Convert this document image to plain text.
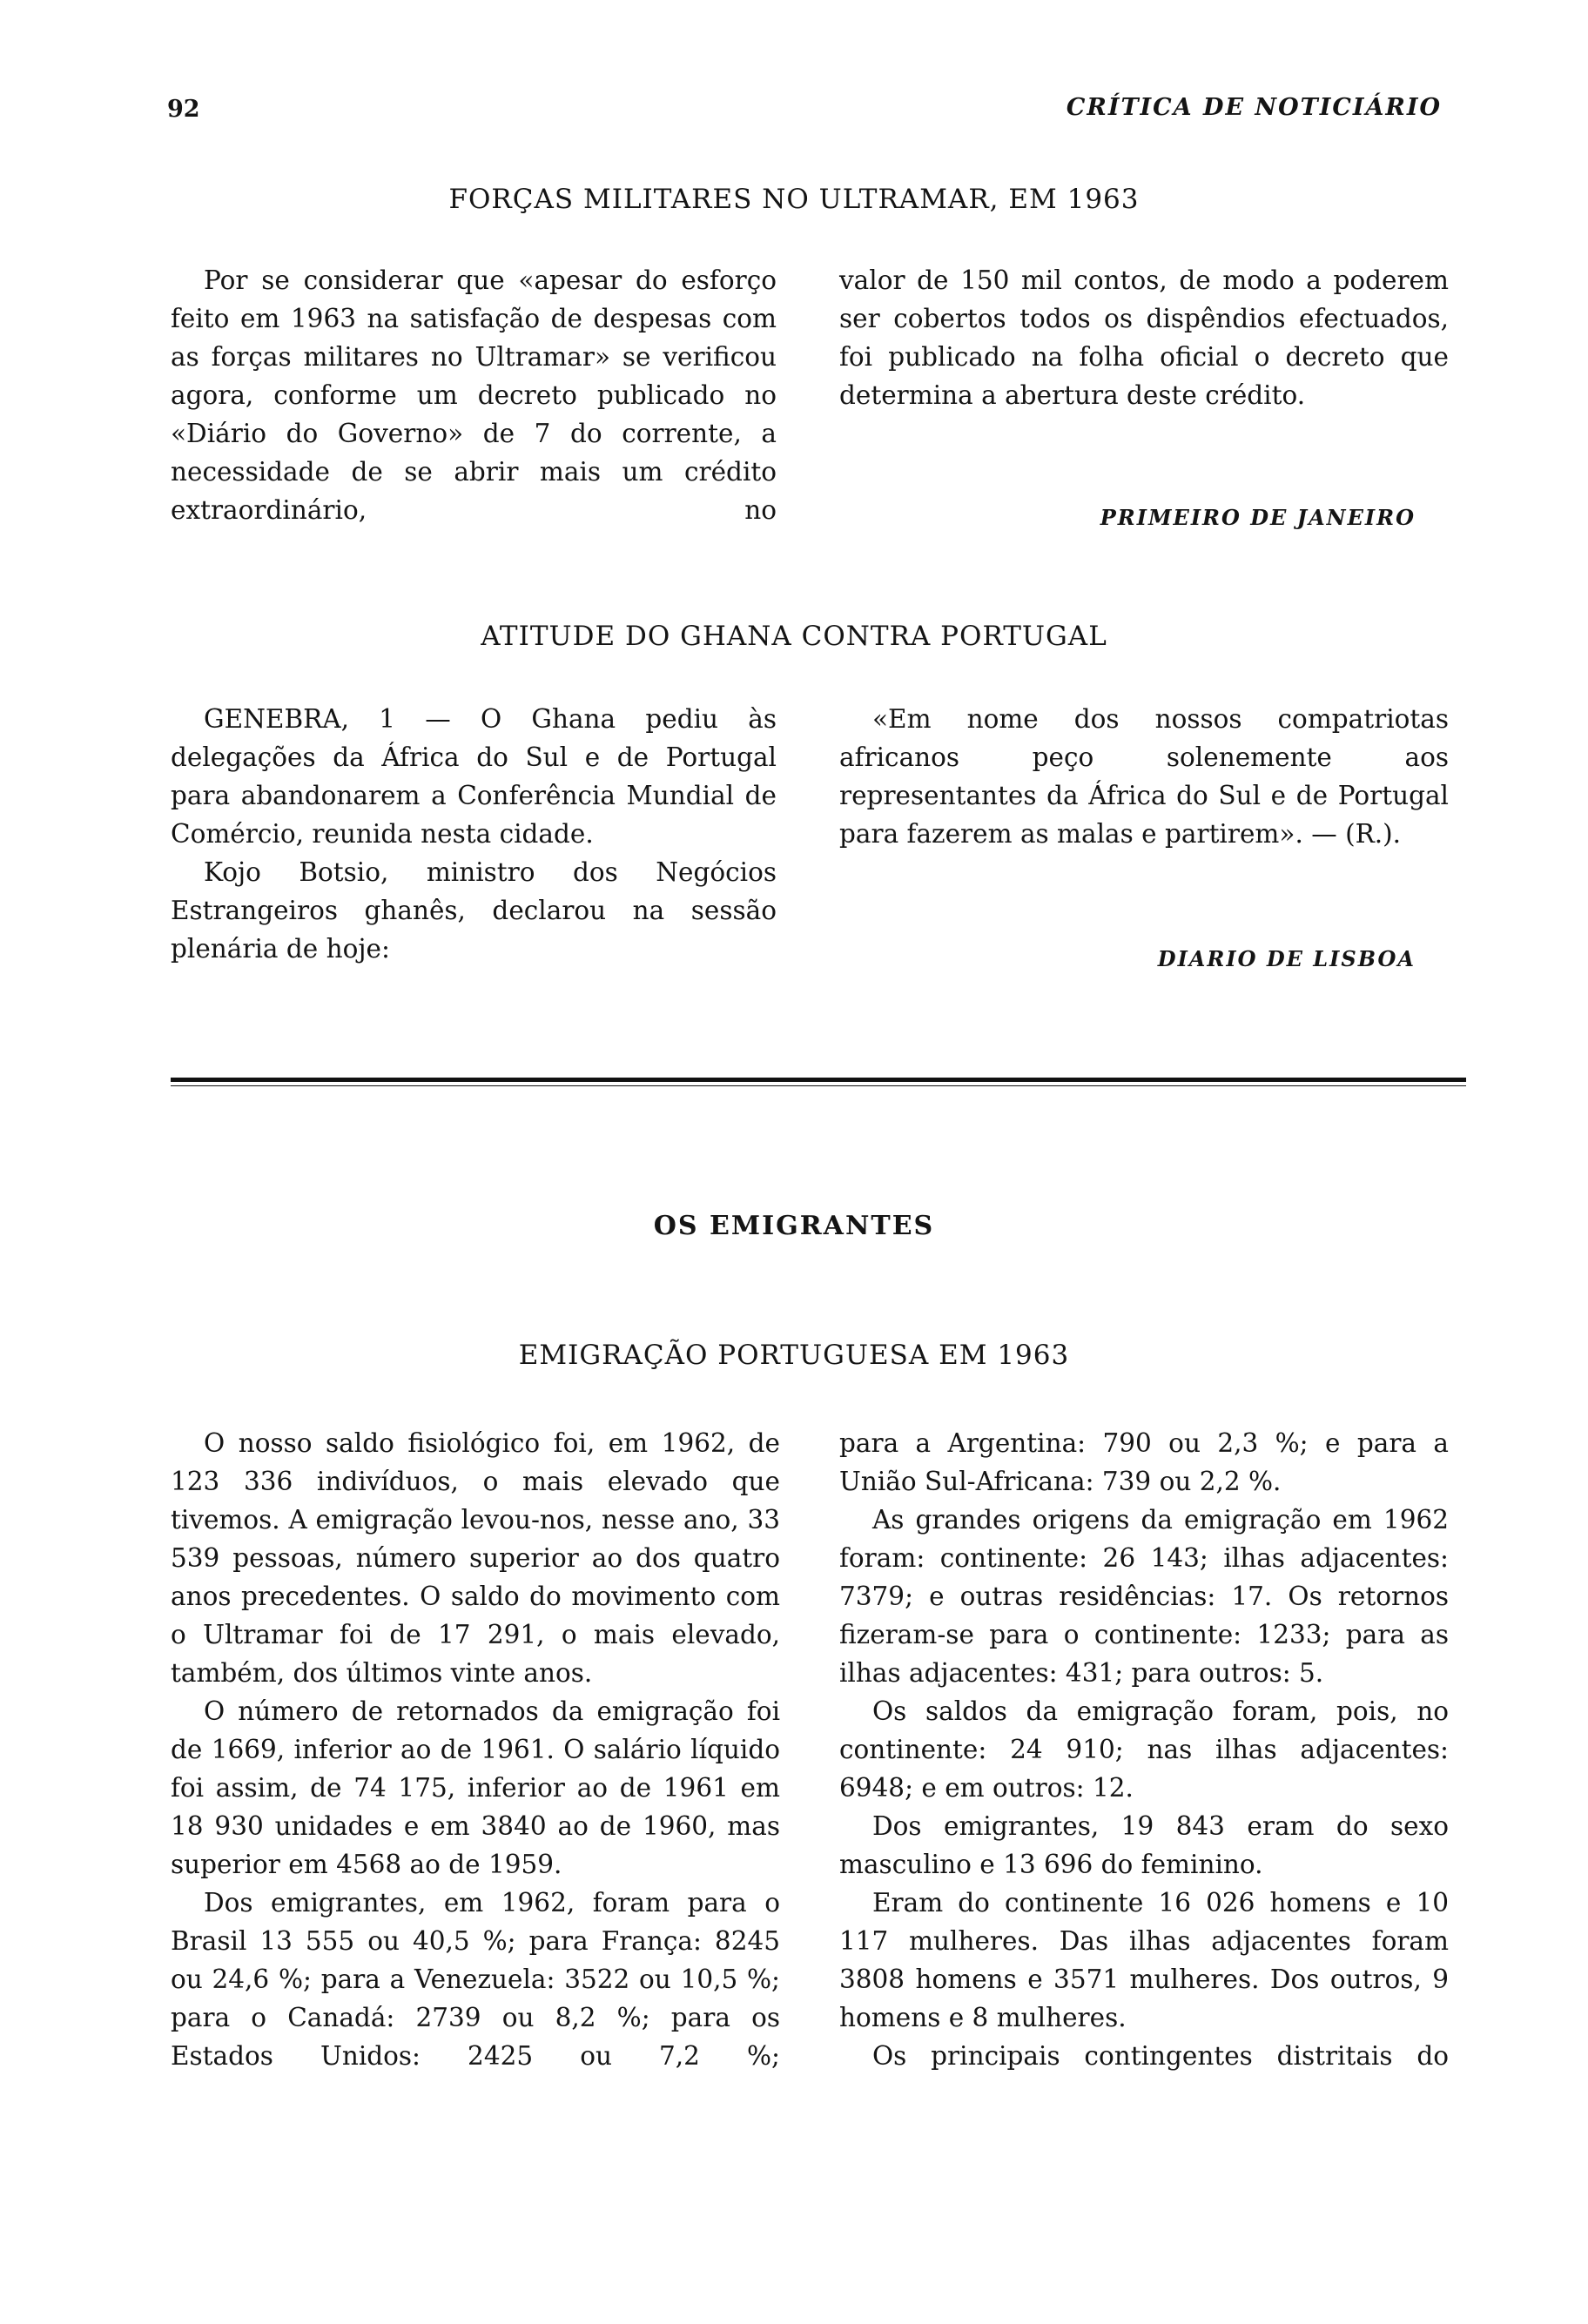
92	CRÍTICA DE NOTICIÁRIO
FORÇAS MILITARES NO ULTRAMAR, EM 1963

Por se considerar que «apesar do esforço feito em 1963 na satisfação de despesas com as forças militares no Ultramar» se verificou agora, conforme um decreto publicado no «Diário do Governo» de 7 do corrente, a necessidade de se abrir mais um crédito extraordinário, no

valor de 150 mil contos, de modo a poderem ser cobertos todos os dispêndios efectuados, foi publicado na folha oficial o decreto que determina a abertura deste crédito.

PRIMEIRO DE JANEIRO
ATITUDE DO GHANA CONTRA PORTUGAL

GENEBRA, 1 — O Ghana pediu às delegações da África do Sul e de Portugal para abandonarem a Conferência Mundial de Comércio, reunida nesta cidade.

Kojo Botsio, ministro dos Negócios Estrangeiros ghanês, declarou na sessão plenária de hoje:

«Em nome dos nossos compatriotas africanos peço solenemente aos representantes da África do Sul e de Portugal para fazerem as malas e partirem». — (R.).

DIARIO DE LISBOA
OS EMIGRANTES
EMIGRAÇÃO PORTUGUESA EM 1963

O nosso saldo fisiológico foi, em 1962, de 123 336 indivíduos, o mais elevado que tivemos. A emigração levou-nos, nesse ano, 33 539 pessoas, número superior ao dos quatro anos precedentes. O saldo do movimento com o Ultramar foi de 17 291, o mais elevado, também, dos últimos vinte anos.

O número de retornados da emigração foi de 1669, inferior ao de 1961. O salário líquido foi assim, de 74 175, inferior ao de 1961 em 18 930 unidades e em 3840 ao de 1960, mas superior em 4568 ao de 1959.

Dos emigrantes, em 1962, foram para o Brasil 13 555 ou 40,5 %; para França: 8245 ou 24,6 %; para a Venezuela: 3522 ou 10,5 %; para o Canadá: 2739 ou 8,2 %; para os Estados Unidos: 2425 ou 7,2 %;

para a Argentina: 790 ou 2,3 %; e para a União Sul-Africana: 739 ou 2,2 %.

As grandes origens da emigração em 1962 foram: continente: 26 143; ilhas adjacentes: 7379; e outras residências: 17. Os retornos fizeram-se para o continente: 1233; para as ilhas adjacentes: 431; para outros: 5.

Os saldos da emigração foram, pois, no continente: 24 910; nas ilhas adjacentes: 6948; e em outros: 12.

Dos emigrantes, 19 843 eram do sexo masculino e 13 696 do feminino.

Eram do continente 16 026 homens e 10 117 mulheres. Das ilhas adjacentes foram 3808 homens e 3571 mulheres. Dos outros, 9 homens e 8 mulheres.

Os principais contingentes distritais do
